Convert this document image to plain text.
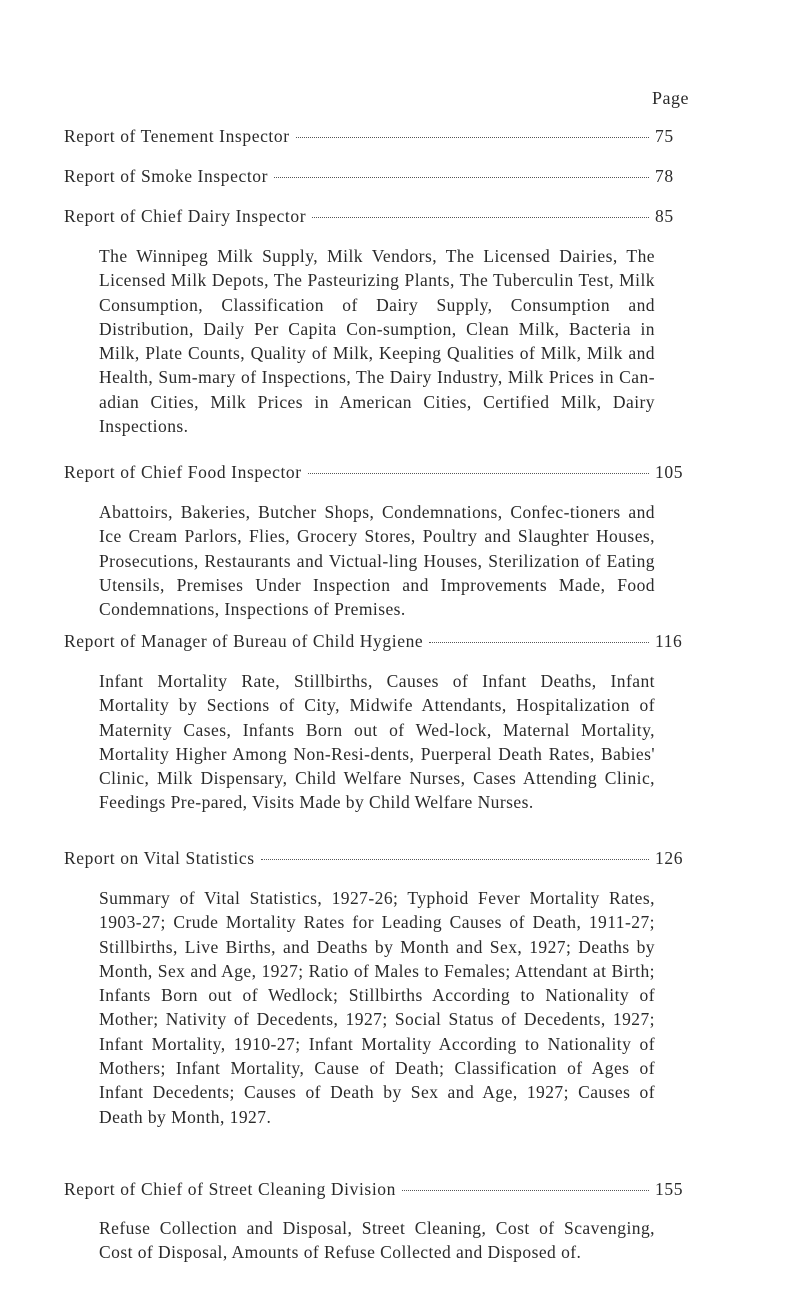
Page
Report of Tenement Inspector	75
Report of Smoke Inspector	78
Report of Chief Dairy Inspector	85
The Winnipeg Milk Supply, Milk Vendors, The Licensed Dairies, The Licensed Milk Depots, The Pasteurizing Plants, The Tuberculin Test, Milk Consumption, Classification of Dairy Supply, Consumption and Distribution, Daily Per Capita Con-sumption, Clean Milk, Bacteria in Milk, Plate Counts, Quality of Milk, Keeping Qualities of Milk, Milk and Health, Sum-mary of Inspections, The Dairy Industry, Milk Prices in Can-adian Cities, Milk Prices in American Cities, Certified Milk, Dairy Inspections.
Report of Chief Food Inspector	105
Abattoirs, Bakeries, Butcher Shops, Condemnations, Confec-tioners and Ice Cream Parlors, Flies, Grocery Stores, Poultry and Slaughter Houses, Prosecutions, Restaurants and Victual-ling Houses, Sterilization of Eating Utensils, Premises Under Inspection and Improvements Made, Food Condemnations, Inspections of Premises.
Report of Manager of Bureau of Child Hygiene	116
Infant Mortality Rate, Stillbirths, Causes of Infant Deaths, Infant Mortality by Sections of City, Midwife Attendants, Hospitalization of Maternity Cases, Infants Born out of Wed-lock, Maternal Mortality, Mortality Higher Among Non-Resi-dents, Puerperal Death Rates, Babies' Clinic, Milk Dispensary, Child Welfare Nurses, Cases Attending Clinic, Feedings Pre-pared, Visits Made by Child Welfare Nurses.
Report on Vital Statistics	126
Summary of Vital Statistics, 1927-26; Typhoid Fever Mortality Rates, 1903-27; Crude Mortality Rates for Leading Causes of Death, 1911-27; Stillbirths, Live Births, and Deaths by Month and Sex, 1927; Deaths by Month, Sex and Age, 1927; Ratio of Males to Females; Attendant at Birth; Infants Born out of Wedlock; Stillbirths According to Nationality of Mother; Nativity of Decedents, 1927; Social Status of Decedents, 1927; Infant Mortality, 1910-27; Infant Mortality According to Nationality of Mothers; Infant Mortality, Cause of Death; Classification of Ages of Infant Decedents; Causes of Death by Sex and Age, 1927; Causes of Death by Month, 1927.
Report of Chief of Street Cleaning Division	155
Refuse Collection and Disposal, Street Cleaning, Cost of Scavenging, Cost of Disposal, Amounts of Refuse Collected and Disposed of.
